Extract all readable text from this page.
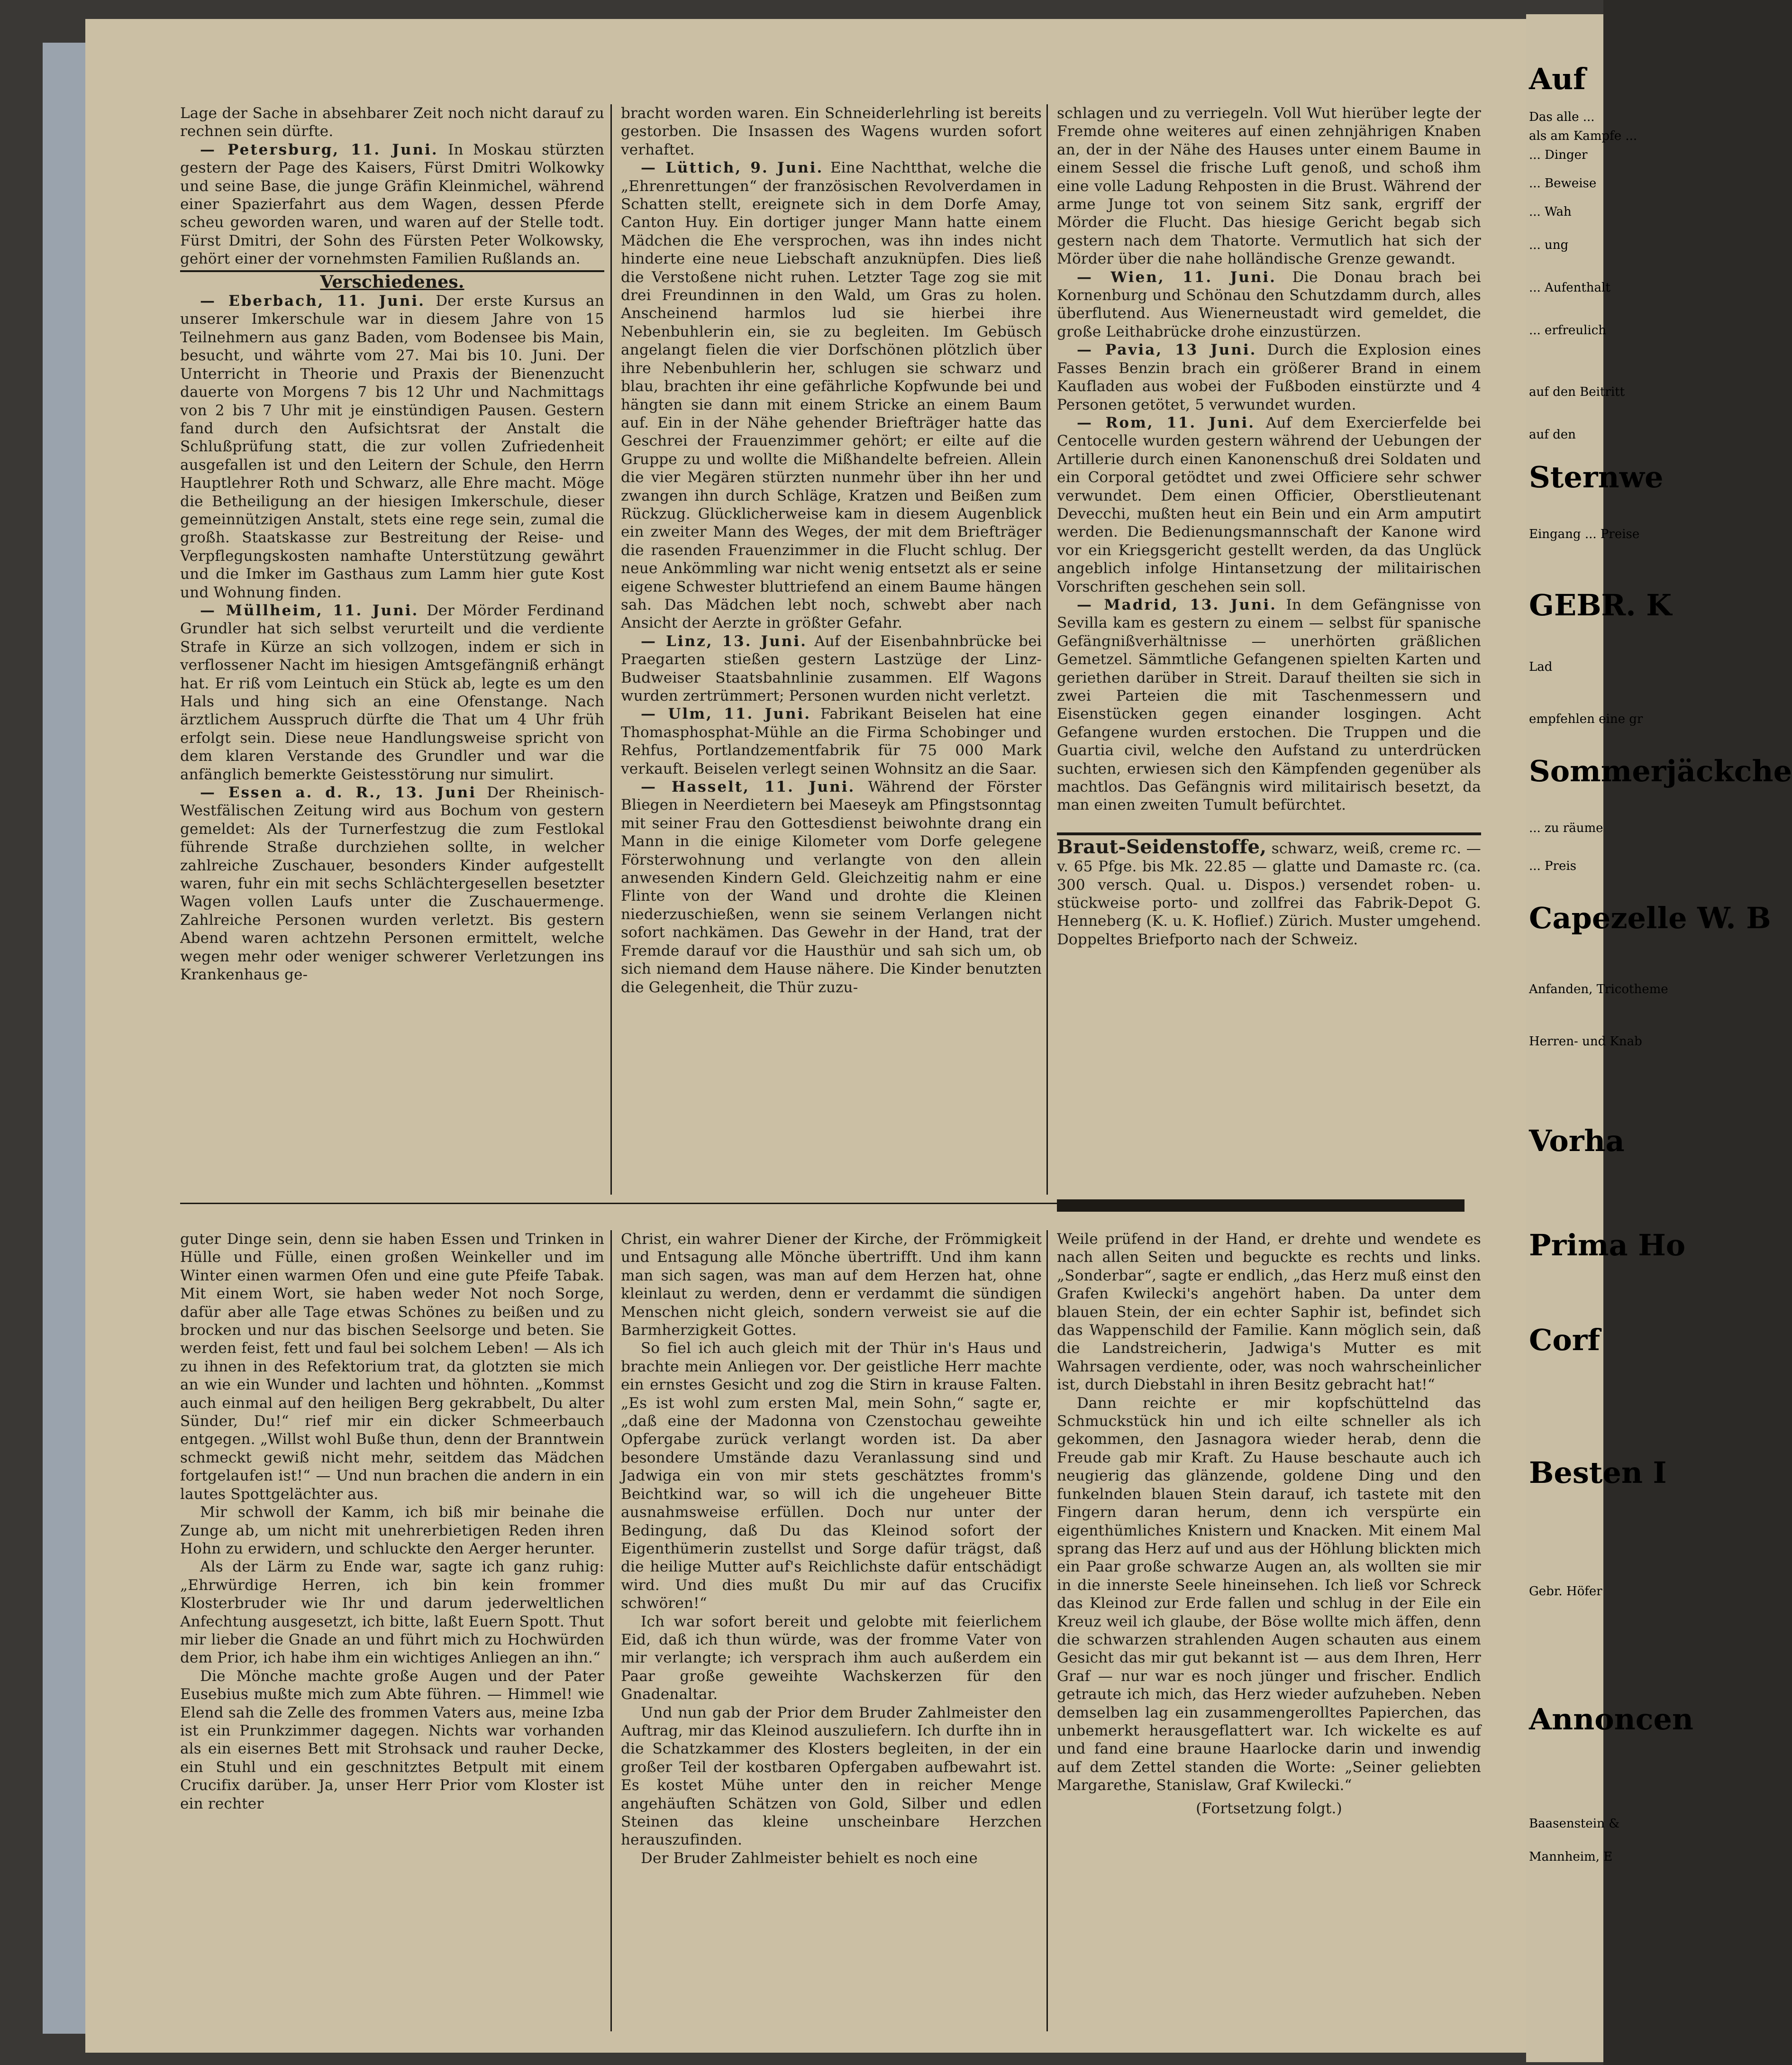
Lage der Sache in absehbarer Zeit noch nicht darauf zu rechnen sein dürfte.

— Petersburg, 11. Juni. In Moskau stürzten gestern der Page des Kaisers, Fürst Dmitri Wolkowky und seine Base, die junge Gräfin Kleinmichel, während einer Spazierfahrt aus dem Wagen, dessen Pferde scheu geworden waren, und waren auf der Stelle todt. Fürst Dmitri, der Sohn des Fürsten Peter Wolkowsky, gehört einer der vornehmsten Familien Rußlands an.

Verschiedenes.

— Eberbach, 11. Juni. Der erste Kursus an unserer Imkerschule war in diesem Jahre von 15 Teilnehmern aus ganz Baden, vom Bodensee bis Main, besucht, und währte vom 27. Mai bis 10. Juni. Der Unterricht in Theorie und Praxis der Bienenzucht dauerte von Morgens 7 bis 12 Uhr und Nachmittags von 2 bis 7 Uhr mit je einstündigen Pausen. Gestern fand durch den Aufsichtsrat der Anstalt die Schlußprüfung statt, die zur vollen Zufriedenheit ausgefallen ist und den Leitern der Schule, den Herrn Hauptlehrer Roth und Schwarz, alle Ehre macht. Möge die Betheiligung an der hiesigen Imkerschule, dieser gemeinnützigen Anstalt, stets eine rege sein, zumal die großh. Staatskasse zur Bestreitung der Reise- und Verpflegungskosten namhafte Unterstützung gewährt und die Imker im Gasthaus zum Lamm hier gute Kost und Wohnung finden.

— Müllheim, 11. Juni. Der Mörder Ferdinand Grundler hat sich selbst verurteilt und die verdiente Strafe in Kürze an sich vollzogen, indem er sich in verflossener Nacht im hiesigen Amtsgefängniß erhängt hat. Er riß vom Leintuch ein Stück ab, legte es um den Hals und hing sich an eine Ofenstange. Nach ärztlichem Ausspruch dürfte die That um 4 Uhr früh erfolgt sein. Diese neue Handlungsweise spricht von dem klaren Verstande des Grundler und war die anfänglich bemerkte Geistesstörung nur simulirt.

— Essen a. d. R., 13. Juni Der Rheinisch-Westfälischen Zeitung wird aus Bochum von gestern gemeldet: Als der Turnerfestzug die zum Festlokal führende Straße durchziehen sollte, in welcher zahlreiche Zuschauer, besonders Kinder aufgestellt waren, fuhr ein mit sechs Schlächtergesellen besetzter Wagen vollen Laufs unter die Zuschauermenge. Zahlreiche Personen wurden verletzt. Bis gestern Abend waren achtzehn Personen ermittelt, welche wegen mehr oder weniger schwerer Verletzungen ins Krankenhaus ge-

bracht worden waren. Ein Schneiderlehrling ist bereits gestorben. Die Insassen des Wagens wurden sofort verhaftet.

— Lüttich, 9. Juni. Eine Nachtthat, welche die „Ehrenrettungen“ der französischen Revolverdamen in Schatten stellt, ereignete sich in dem Dorfe Amay, Canton Huy. Ein dortiger junger Mann hatte einem Mädchen die Ehe versprochen, was ihn indes nicht hinderte eine neue Liebschaft anzuknüpfen. Dies ließ die Verstoßene nicht ruhen. Letzter Tage zog sie mit drei Freundinnen in den Wald, um Gras zu holen. Anscheinend harmlos lud sie hierbei ihre Nebenbuhlerin ein, sie zu begleiten. Im Gebüsch angelangt fielen die vier Dorfschönen plötzlich über ihre Nebenbuhlerin her, schlugen sie schwarz und blau, brachten ihr eine gefährliche Kopfwunde bei und hängten sie dann mit einem Stricke an einem Baum auf. Ein in der Nähe gehender Briefträger hatte das Geschrei der Frauenzimmer gehört; er eilte auf die Gruppe zu und wollte die Mißhandelte befreien. Allein die vier Megären stürzten nunmehr über ihn her und zwangen ihn durch Schläge, Kratzen und Beißen zum Rückzug. Glücklicherweise kam in diesem Augenblick ein zweiter Mann des Weges, der mit dem Briefträger die rasenden Frauenzimmer in die Flucht schlug. Der neue Ankömmling war nicht wenig entsetzt als er seine eigene Schwester bluttriefend an einem Baume hängen sah. Das Mädchen lebt noch, schwebt aber nach Ansicht der Aerzte in größter Gefahr.

— Linz, 13. Juni. Auf der Eisenbahnbrücke bei Praegarten stießen gestern Lastzüge der Linz-Budweiser Staatsbahnlinie zusammen. Elf Wagons wurden zertrümmert; Personen wurden nicht verletzt.

— Ulm, 11. Juni. Fabrikant Beiselen hat eine Thomasphosphat-Mühle an die Firma Schobinger und Rehfus, Portlandzementfabrik für 75 000 Mark verkauft. Beiselen verlegt seinen Wohnsitz an die Saar.

— Hasselt, 11. Juni. Während der Förster Bliegen in Neerdietern bei Maeseyk am Pfingstsonntag mit seiner Frau den Gottesdienst beiwohnte drang ein Mann in die einige Kilometer vom Dorfe gelegene Försterwohnung und verlangte von den allein anwesenden Kindern Geld. Gleichzeitig nahm er eine Flinte von der Wand und drohte die Kleinen niederzuschießen, wenn sie seinem Verlangen nicht sofort nachkämen. Das Gewehr in der Hand, trat der Fremde darauf vor die Hausthür und sah sich um, ob sich niemand dem Hause nähere. Die Kinder benutzten die Gelegenheit, die Thür zuzu-

schlagen und zu verriegeln. Voll Wut hierüber legte der Fremde ohne weiteres auf einen zehnjährigen Knaben an, der in der Nähe des Hauses unter einem Baume in einem Sessel die frische Luft genoß, und schoß ihm eine volle Ladung Rehposten in die Brust. Während der arme Junge tot von seinem Sitz sank, ergriff der Mörder die Flucht. Das hiesige Gericht begab sich gestern nach dem Thatorte. Vermutlich hat sich der Mörder über die nahe holländische Grenze gewandt.

— Wien, 11. Juni. Die Donau brach bei Kornenburg und Schönau den Schutzdamm durch, alles überflutend. Aus Wienerneustadt wird gemeldet, die große Leithabrücke drohe einzustürzen.

— Pavia, 13 Juni. Durch die Explosion eines Fasses Benzin brach ein größerer Brand in einem Kaufladen aus wobei der Fußboden einstürzte und 4 Personen getötet, 5 verwundet wurden.

— Rom, 11. Juni. Auf dem Exercierfelde bei Centocelle wurden gestern während der Uebungen der Artillerie durch einen Kanonenschuß drei Soldaten und ein Corporal getödtet und zwei Officiere sehr schwer verwundet. Dem einen Officier, Oberstlieutenant Devecchi, mußten heut ein Bein und ein Arm amputirt werden. Die Bedienungsmannschaft der Kanone wird vor ein Kriegsgericht gestellt werden, da das Unglück angeblich infolge Hintansetzung der militairischen Vorschriften geschehen sein soll.

— Madrid, 13. Juni. In dem Gefängnisse von Sevilla kam es gestern zu einem — selbst für spanische Gefängnißverhältnisse — unerhörten gräßlichen Gemetzel. Sämmtliche Gefangenen spielten Karten und geriethen darüber in Streit. Darauf theilten sie sich in zwei Parteien die mit Taschenmessern und Eisenstücken gegen einander losgingen. Acht Gefangene wurden erstochen. Die Truppen und die Guartia civil, welche den Aufstand zu unterdrücken suchten, erwiesen sich den Kämpfenden gegenüber als machtlos. Das Gefängnis wird militairisch besetzt, da man einen zweiten Tumult befürchtet.

Braut-Seidenstoffe, schwarz, weiß, creme rc. — v. 65 Pfge. bis Mk. 22.85 — glatte und Damaste rc. (ca. 300 versch. Qual. u. Dispos.) versendet roben- u. stückweise porto- und zollfrei das Fabrik-Depot G. Henneberg (K. u. K. Hoflief.) Zürich. Muster umgehend. Doppeltes Briefporto nach der Schweiz.

guter Dinge sein, denn sie haben Essen und Trinken in Hülle und Fülle, einen großen Weinkeller und im Winter einen warmen Ofen und eine gute Pfeife Tabak. Mit einem Wort, sie haben weder Not noch Sorge, dafür aber alle Tage etwas Schönes zu beißen und zu brocken und nur das bischen Seelsorge und beten. Sie werden feist, fett und faul bei solchem Leben! — Als ich zu ihnen in des Refektorium trat, da glotzten sie mich an wie ein Wunder und lachten und höhnten. „Kommst auch einmal auf den heiligen Berg gekrabbelt, Du alter Sünder, Du!“ rief mir ein dicker Schmeerbauch entgegen. „Willst wohl Buße thun, denn der Branntwein schmeckt gewiß nicht mehr, seitdem das Mädchen fortgelaufen ist!“ — Und nun brachen die andern in ein lautes Spottgelächter aus.

Mir schwoll der Kamm, ich biß mir beinahe die Zunge ab, um nicht mit unehrerbietigen Reden ihren Hohn zu erwidern, und schluckte den Aerger herunter.

Als der Lärm zu Ende war, sagte ich ganz ruhig: „Ehrwürdige Herren, ich bin kein frommer Klosterbruder wie Ihr und darum jederweltlichen Anfechtung ausgesetzt, ich bitte, laßt Euern Spott. Thut mir lieber die Gnade an und führt mich zu Hochwürden dem Prior, ich habe ihm ein wichtiges Anliegen an ihn.“

Die Mönche machte große Augen und der Pater Eusebius mußte mich zum Abte führen. — Himmel! wie Elend sah die Zelle des frommen Vaters aus, meine Izba ist ein Prunkzimmer dagegen. Nichts war vorhanden als ein eisernes Bett mit Strohsack und rauher Decke, ein Stuhl und ein geschnitztes Betpult mit einem Crucifix darüber. Ja, unser Herr Prior vom Kloster ist ein rechter

Christ, ein wahrer Diener der Kirche, der Frömmigkeit und Entsagung alle Mönche übertrifft. Und ihm kann man sich sagen, was man auf dem Herzen hat, ohne kleinlaut zu werden, denn er verdammt die sündigen Menschen nicht gleich, sondern verweist sie auf die Barmherzigkeit Gottes.

So fiel ich auch gleich mit der Thür in's Haus und brachte mein Anliegen vor. Der geistliche Herr machte ein ernstes Gesicht und zog die Stirn in krause Falten. „Es ist wohl zum ersten Mal, mein Sohn,“ sagte er, „daß eine der Madonna von Czenstochau geweihte Opfergabe zurück verlangt worden ist. Da aber besondere Umstände dazu Veranlassung sind und Jadwiga ein von mir stets geschätztes fromm's Beichtkind war, so will ich die ungeheuer Bitte ausnahmsweise erfüllen. Doch nur unter der Bedingung, daß Du das Kleinod sofort der Eigenthümerin zustellst und Sorge dafür trägst, daß die heilige Mutter auf's Reichlichste dafür entschädigt wird. Und dies mußt Du mir auf das Crucifix schwören!“

Ich war sofort bereit und gelobte mit feierlichem Eid, daß ich thun würde, was der fromme Vater von mir verlangte; ich versprach ihm auch außerdem ein Paar große geweihte Wachskerzen für den Gnadenaltar.

Und nun gab der Prior dem Bruder Zahlmeister den Auftrag, mir das Kleinod auszuliefern. Ich durfte ihn in die Schatzkammer des Klosters begleiten, in der ein großer Teil der kostbaren Opfergaben aufbewahrt ist. Es kostet Mühe unter den in reicher Menge angehäuften Schätzen von Gold, Silber und edlen Steinen das kleine unscheinbare Herzchen herauszufinden.

Der Bruder Zahlmeister behielt es noch eine

Weile prüfend in der Hand, er drehte und wendete es nach allen Seiten und beguckte es rechts und links. „Sonderbar“, sagte er endlich, „das Herz muß einst den Grafen Kwilecki's angehört haben. Da unter dem blauen Stein, der ein echter Saphir ist, befindet sich das Wappenschild der Familie. Kann möglich sein, daß die Landstreicherin, Jadwiga's Mutter es mit Wahrsagen verdiente, oder, was noch wahrscheinlicher ist, durch Diebstahl in ihren Besitz gebracht hat!“

Dann reichte er mir kopfschüttelnd das Schmuckstück hin und ich eilte schneller als ich gekommen, den Jasnagora wieder herab, denn die Freude gab mir Kraft. Zu Hause beschaute auch ich neugierig das glänzende, goldene Ding und den funkelnden blauen Stein darauf, ich tastete mit den Fingern daran herum, denn ich verspürte ein eigenthümliches Knistern und Knacken. Mit einem Mal sprang das Herz auf und aus der Höhlung blickten mich ein Paar große schwarze Augen an, als wollten sie mir in die innerste Seele hineinsehen. Ich ließ vor Schreck das Kleinod zur Erde fallen und schlug in der Eile ein Kreuz weil ich glaube, der Böse wollte mich äffen, denn die schwarzen strahlenden Augen schauten aus einem Gesicht das mir gut bekannt ist — aus dem Ihren, Herr Graf — nur war es noch jünger und frischer. Endlich getraute ich mich, das Herz wieder aufzuheben. Neben demselben lag ein zusammengerolltes Papierchen, das unbemerkt herausgeflattert war. Ich wickelte es auf und fand eine braune Haarlocke darin und inwendig auf dem Zettel standen die Worte: „Seiner geliebten Margarethe, Stanislaw, Graf Kwilecki.“

(Fortsetzung folgt.)
Auf
Das alle ...
als am Kampfe ...
... Dinger
... Beweise
... Wah
... ung
... Aufenthalt
... erfreulich
auf den Beitritt
auf den
Sternwe
Eingang ... Preise
GEBR. K
Lad
empfehlen eine gr
Sommerjäckche
... zu räume
... Preis
Capezelle W. B
Anfanden, Tricotheme
Herren- und Knab
Vorha
Prima Ho
Corf
Besten I
Gebr. Höfer
Annoncen
Baasenstein &
Mannheim, E
